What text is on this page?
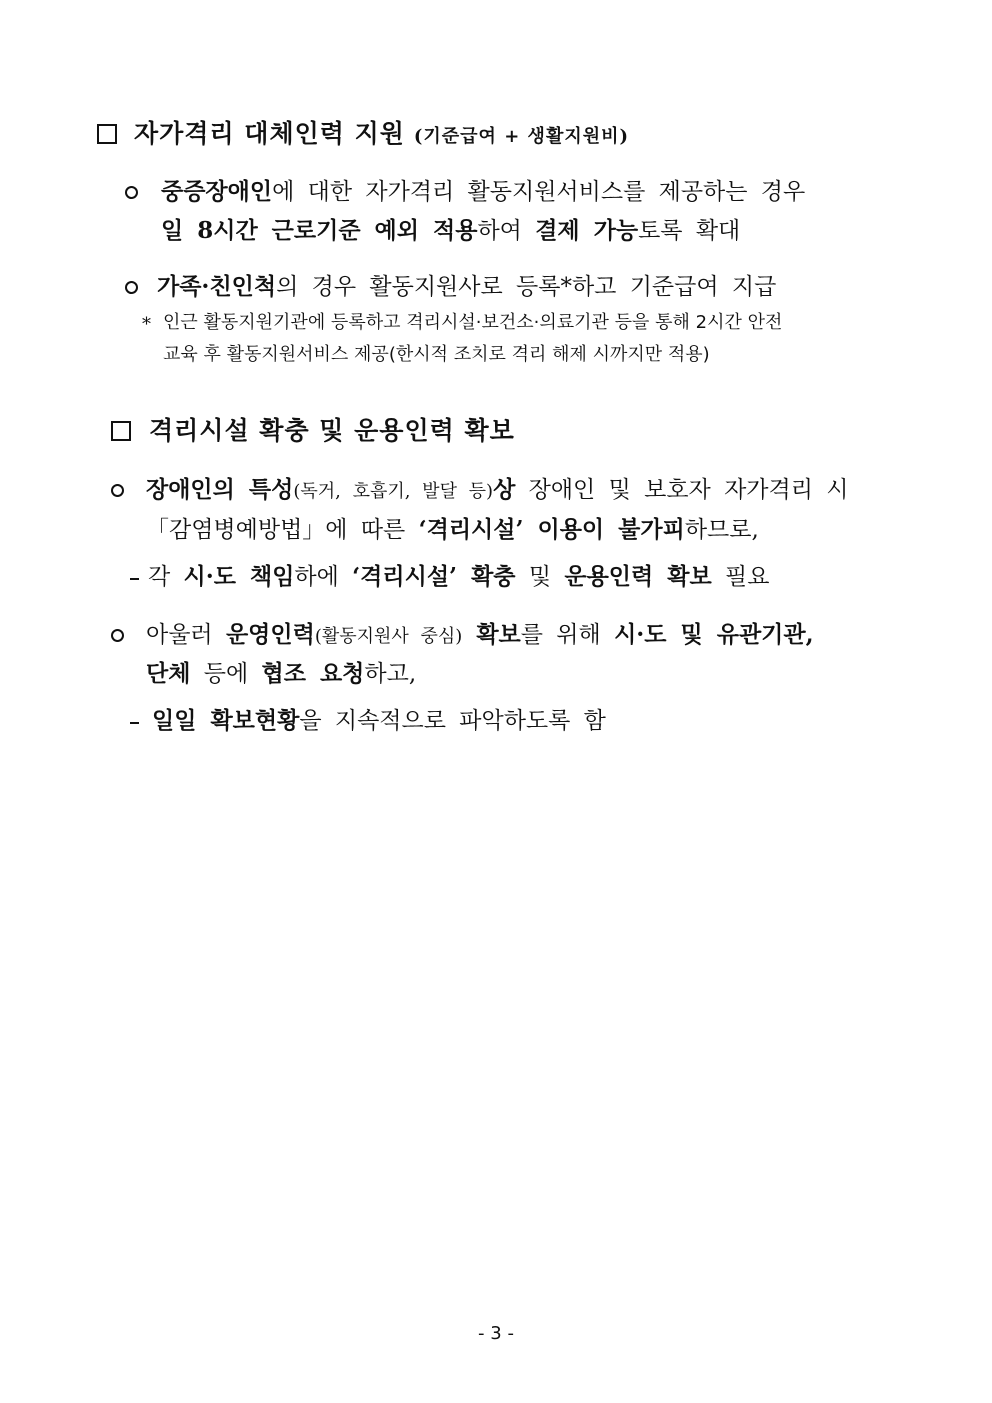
자가격리 대체인력 지원 (기준급여 + 생활지원비)
중증장애인에 대한 자가격리 활동지원서비스를 제공하는 경우
일 8시간 근로기준 예외 적용하여 결제 가능토록 확대
가족·친인척의 경우 활동지원사로 등록*하고 기준급여 지급
* 인근 활동지원기관에 등록하고 격리시설·보건소·의료기관 등을 통해 2시간 안전
교육 후 활동지원서비스 제공(한시적 조치로 격리 해제 시까지만 적용)
격리시설 확충 및 운용인력 확보
장애인의 특성(독거, 호흡기, 발달 등)상 장애인 및 보호자 자가격리 시
「감염병예방법」에 따른 ‘격리시설’ 이용이 불가피하므로,
각 시·도 책임하에 ‘격리시설’ 확충 및 운용인력 확보 필요
아울러 운영인력(활동지원사 중심) 확보를 위해 시·도 및 유관기관,
단체 등에 협조 요청하고,
일일 확보현황을 지속적으로 파악하도록 함
- 3 -
